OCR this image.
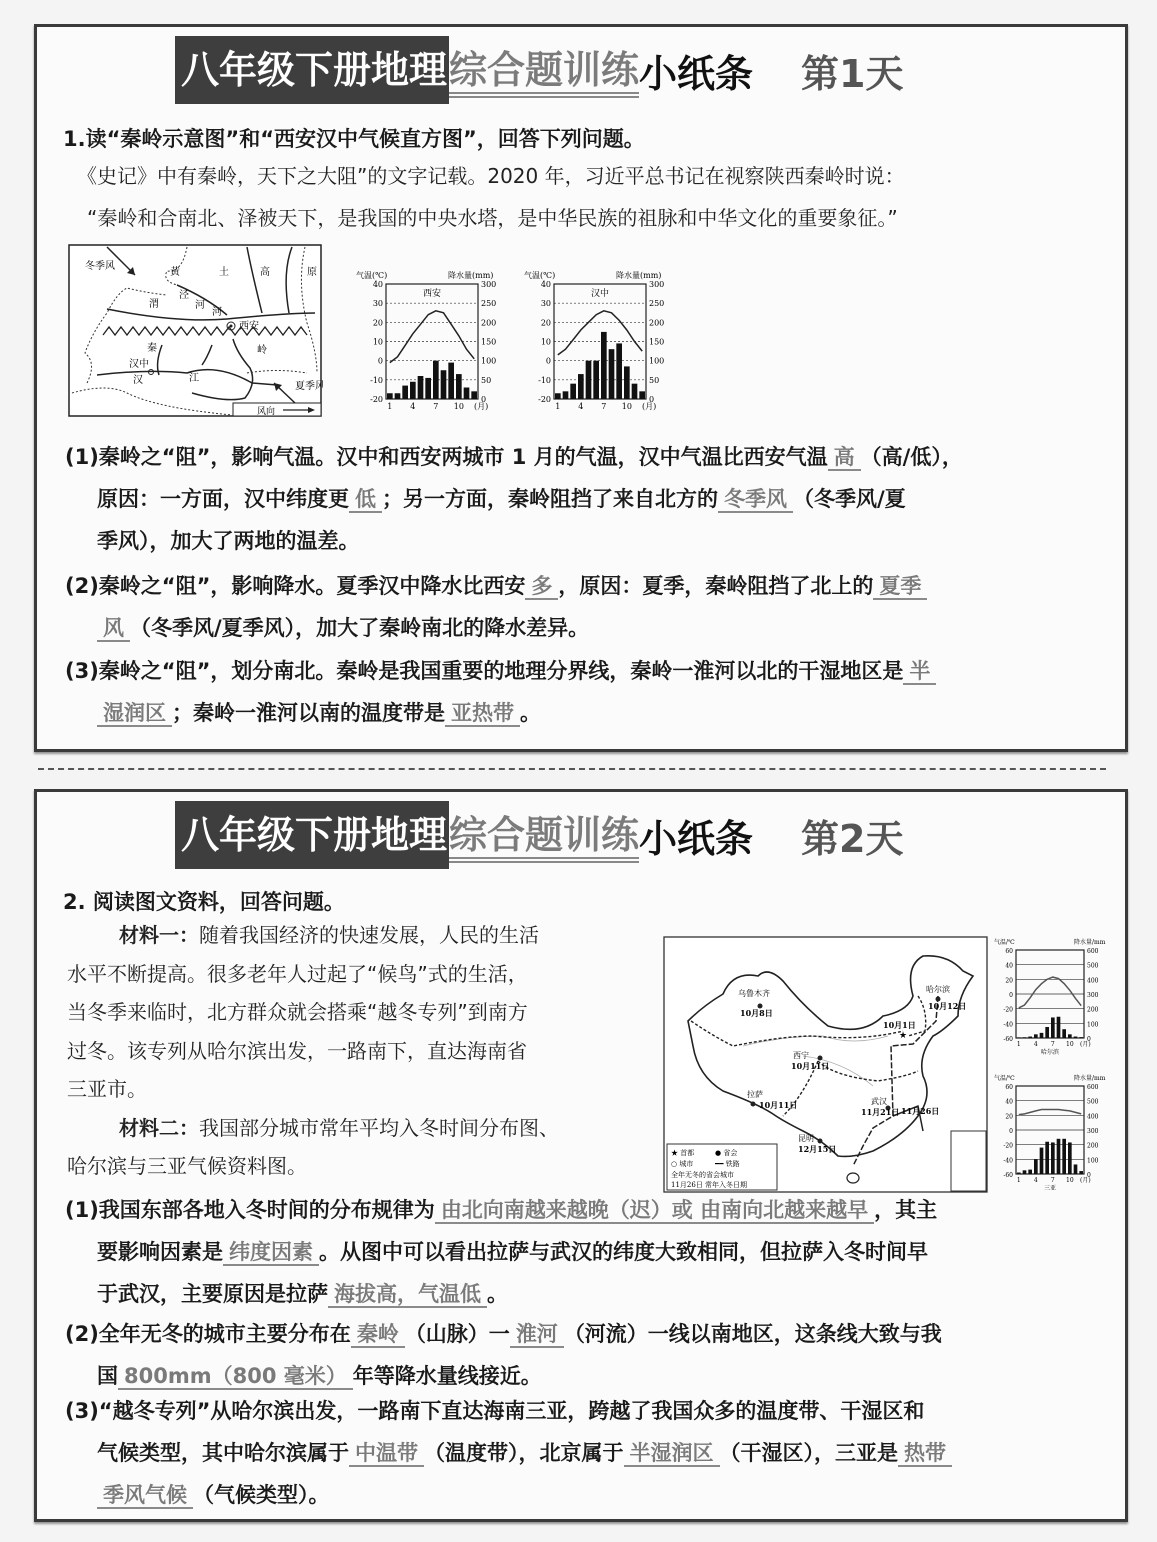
八年级下册地理 综合题训练 小纸条 第1天
1.读“秦岭示意图”和“西安汉中气候直方图”，回答下列问题。
《史记》中有秦岭，天下之大阻”的文字记载。2020 年，习近平总书记在视察陕西秦岭时说：
“秦岭和合南北、泽被天下，是我国的中央水塔，是中华民族的祖脉和中华文化的重要象征。”
冬季风
黄	土	高	原
泾
河
河
渭
西安
秦	岭
汉中
汉	江
夏季风
风向
气温(℃)	降水量(mm)
-20	0
-10	50
0	100
10	150
20	200
30	250
40	300
1 4 7 10 (月)
西安
气温(℃)	降水量(mm)
-20	0
-10	50
0	100
10	150
20	200
30	250
40	300
1 4 7 10 (月)
汉中
(1)秦岭之“阻”，影响气温。汉中和西安两城市 1 月的气温，汉中气温比西安气温 高 （高/低），
原因：一方面，汉中纬度更 低 ；另一方面，秦岭阻挡了来自北方的 冬季风 （冬季风/夏
季风），加大了两地的温差。
(2)秦岭之“阻”，影响降水。夏季汉中降水比西安 多 ，原因：夏季，秦岭阻挡了北上的 夏季
风 （冬季风/夏季风），加大了秦岭南北的降水差异。
(3)秦岭之“阻”，划分南北。秦岭是我国重要的地理分界线，秦岭一淮河以北的干湿地区是 半
湿润区 ；秦岭一淮河以南的温度带是 亚热带 。
八年级下册地理 综合题训练 小纸条 第2天
2. 阅读图文资料，回答问题。
材料一：随着我国经济的快速发展，人民的生活
水平不断提高。很多老年人过起了“候鸟”式的生活，
当冬季来临时，北方群众就会搭乘“越冬专列”到南方
过冬。该专列从哈尔滨出发，一路南下，直达海南省
三亚市。
材料二：我国部分城市常年平均入冬时间分布图、
哈尔滨与三亚气候资料图。
乌鲁木齐
10月8日
哈尔滨
10月12日
10月1日
★
西宁
10月11日
拉萨
10月11日	武汉
11月21日 11月26日
昆明
12月15日
★ 首都	● 省会
○ 城市	━━ 铁路
全年无冬的省会城市
11月26日 常年入冬日期
气温/℃	降水量/mm
-60	0
-40	100
-20	200
0	300
20	400
40	500
60	600
1 4 7 10 (月)
哈尔滨
气温/℃	降水量/mm
-60	0
-40	100
-20	200
0	300
20	400
40	500
60	600
1 4 7 10 (月)
三亚
(1)我国东部各地入冬时间的分布规律为 由北向南越来越晚（迟）或 由南向北越来越早 ，其主
要影响因素是 纬度因素 。从图中可以看出拉萨与武汉的纬度大致相同，但拉萨入冬时间早
于武汉，主要原因是拉萨 海拔高，气温低 。
(2)全年无冬的城市主要分布在 秦岭 （山脉）一 淮河 （河流）一线以南地区，这条线大致与我
国 800mm（800 毫米） 年等降水量线接近。
(3)“越冬专列”从哈尔滨出发，一路南下直达海南三亚，跨越了我国众多的温度带、干湿区和
气候类型，其中哈尔滨属于 中温带 （温度带），北京属于 半湿润区 （干湿区），三亚是 热带
季风气候 （气候类型）。
